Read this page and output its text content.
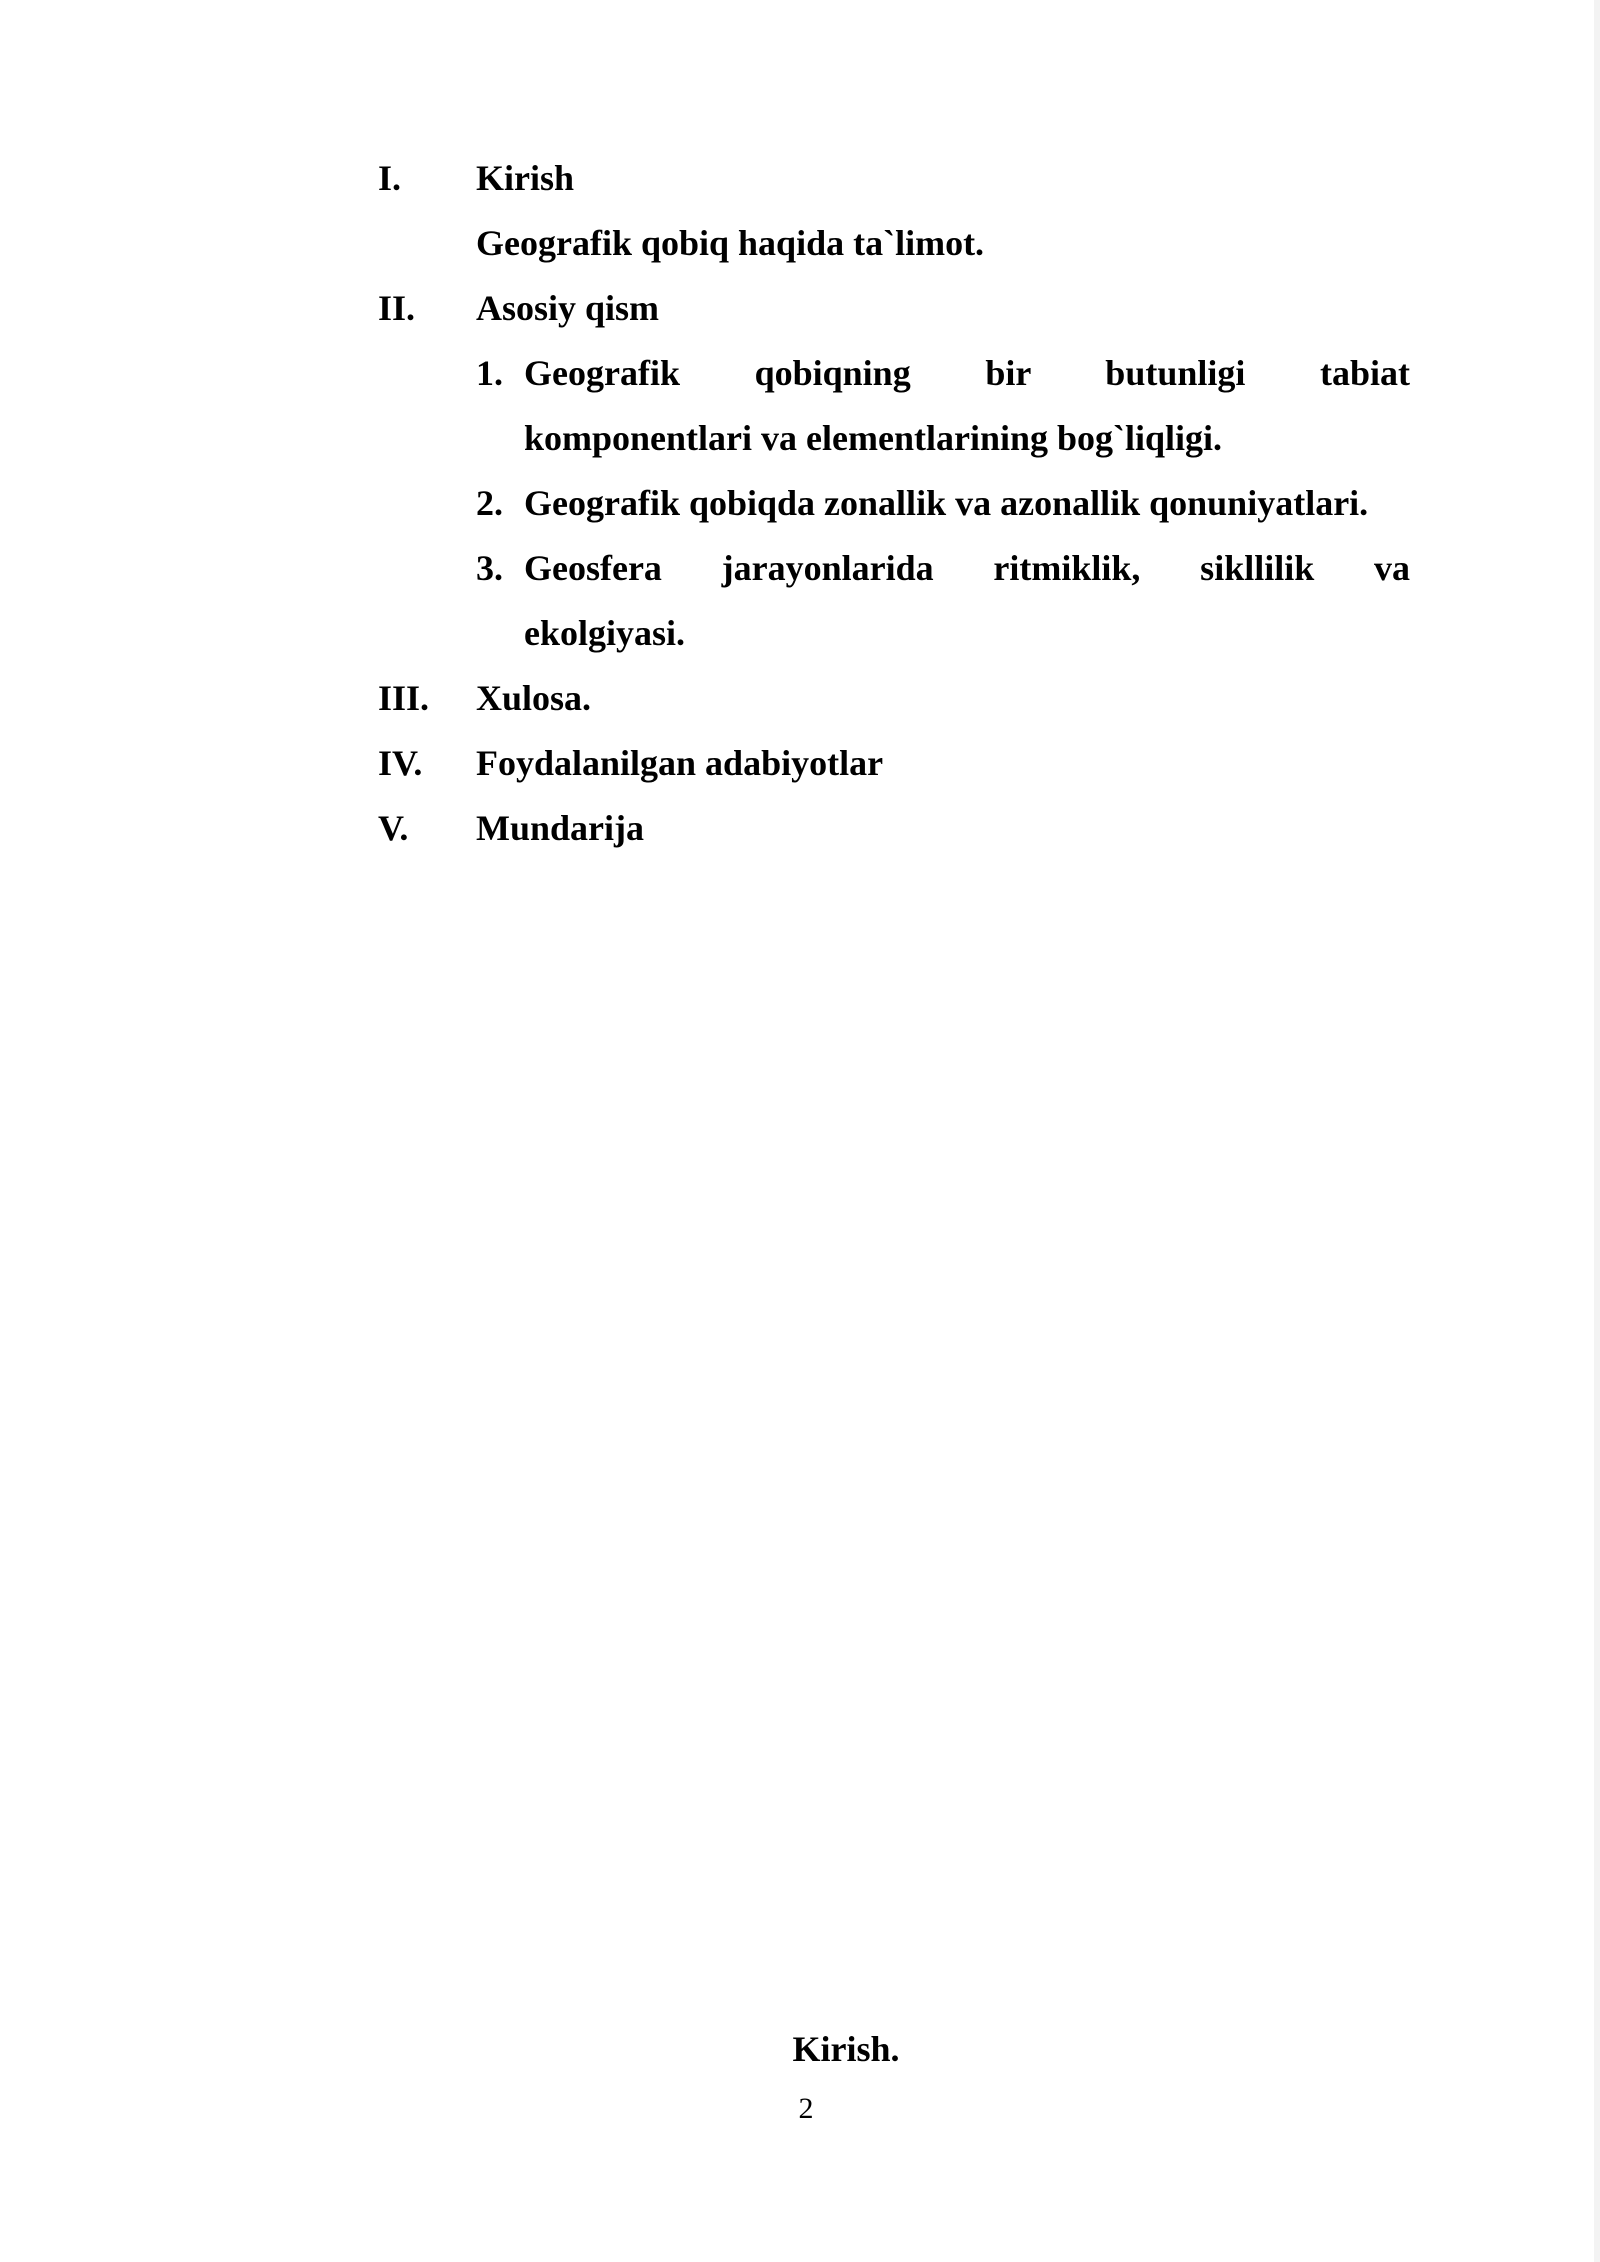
I. Kirish
Geografik qobiq haqida ta`limot.
II. Asosiy qism
1. Geografik qobiqning bir butunligi tabiat
komponentlari va elementlarining bog`liqligi.
2. Geografik qobiqda zonallik va azonallik qonuniyatlari.
3. Geosfera jarayonlarida ritmiklik, sikllilik va
ekolgiyasi.
III. Xulosa.
IV. Foydalanilgan adabiyotlar
V. Mundarija
Kirish.
2
